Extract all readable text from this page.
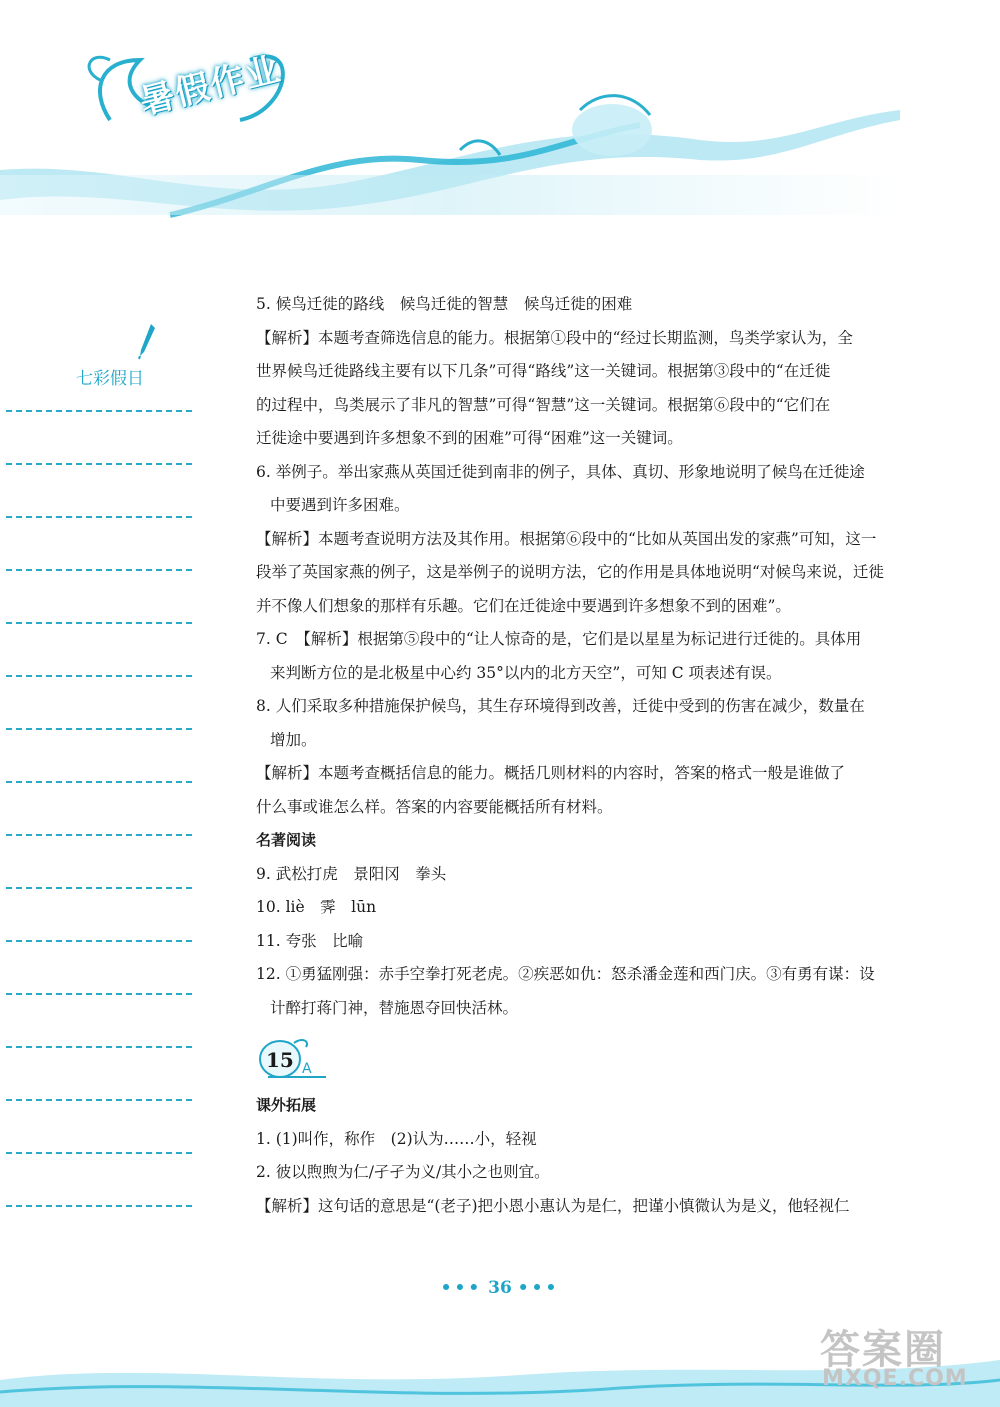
暑假作业
七彩假日
5. 候鸟迁徙的路线　候鸟迁徙的智慧　候鸟迁徙的困难
【解析】本题考查筛选信息的能力。根据第①段中的“经过长期监测，鸟类学家认为，全
世界候鸟迁徙路线主要有以下几条”可得“路线”这一关键词。根据第③段中的“在迁徙
的过程中，鸟类展示了非凡的智慧”可得“智慧”这一关键词。根据第⑥段中的“它们在
迁徙途中要遇到许多想象不到的困难”可得“困难”这一关键词。
6. 举例子。举出家燕从英国迁徙到南非的例子，具体、真切、形象地说明了候鸟在迁徙途
中要遇到许多困难。
【解析】本题考查说明方法及其作用。根据第⑥段中的“比如从英国出发的家燕”可知，这一
段举了英国家燕的例子，这是举例子的说明方法，它的作用是具体地说明“对候鸟来说，迁徙
并不像人们想象的那样有乐趣。它们在迁徙途中要遇到许多想象不到的困难”。
7. C　【解析】根据第⑤段中的“让人惊奇的是，它们是以星星为标记进行迁徙的。具体用
来判断方位的是北极星中心约 35°以内的北方天空”，可知 C 项表述有误。
8. 人们采取多种措施保护候鸟，其生存环境得到改善，迁徙中受到的伤害在减少，数量在
增加。
【解析】本题考查概括信息的能力。概括几则材料的内容时，答案的格式一般是谁做了
什么事或谁怎么样。答案的内容要能概括所有材料。
名著阅读
9. 武松打虎　景阳冈　拳头
10. liè　霁　lūn
11. 夸张　比喻
12. ①勇猛刚强：赤手空拳打死老虎。②疾恶如仇：怒杀潘金莲和西门庆。③有勇有谋：设
计醉打蒋门神，替施恩夺回快活林。
15 A
课外拓展
1. (1)叫作，称作　(2)认为……小，轻视
2. 彼以煦煦为仁/孑孑为义/其小之也则宜。
【解析】这句话的意思是“(老子)把小恩小惠认为是仁，把谨小慎微认为是义，他轻视仁
••• 36 •••
答案圈
MXQE.COM
